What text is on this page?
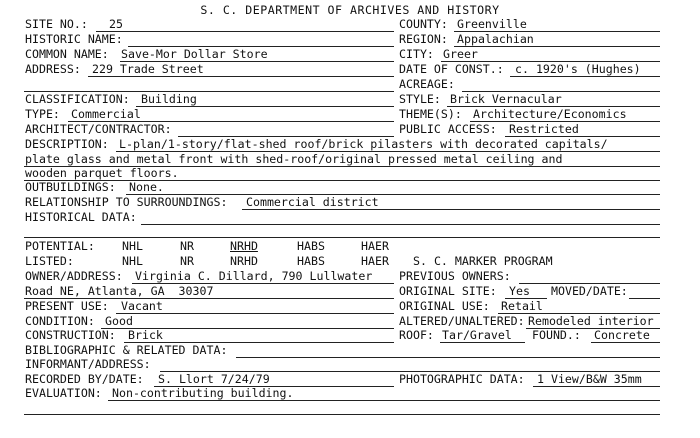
S. C. DEPARTMENT OF ARCHIVES AND HISTORY
SITE NO.: 25	COUNTY: Greenville
HISTORIC NAME:	REGION: Appalachian
COMMON NAME: Save-Mor Dollar Store	CITY: Greer
ADDRESS: 229 Trade Street	DATE OF CONST.: c. 1920's (Hughes)
ACREAGE:
CLASSIFICATION: Building	STYLE: Brick Vernacular
TYPE: Commercial	THEME(S): Architecture/Economics
ARCHITECT/CONTRACTOR:	PUBLIC ACCESS: Restricted
DESCRIPTION: L-plan/1-story/flat-shed roof/brick pilasters with decorated capitals/
plate glass and metal front with shed-roof/original pressed metal ceiling and
wooden parquet floors.
OUTBUILDINGS: None.
RELATIONSHIP TO SURROUNDINGS: Commercial district
HISTORICAL DATA:
POTENTIAL: NHL	NR	NRHD	HABS	HAER
LISTED:	NHL	NR	NRHD	HABS	HAER S. C. MARKER PROGRAM
OWNER/ADDRESS: Virginia C. Dillard, 790 Lullwater PREVIOUS OWNERS:
Road NE, Atlanta, GA  30307	ORIGINAL SITE: Yes MOVED/DATE:
PRESENT USE: Vacant	ORIGINAL USE: Retail
CONDITION: Good	ALTERED/UNALTERED: Remodeled interior
CONSTRUCTION: Brick	ROOF: Tar/Gravel FOUND.: Concrete
BIBLIOGRAPHIC & RELATED DATA:
INFORMANT/ADDRESS:
RECORDED BY/DATE: S. Llort 7/24/79	PHOTOGRAPHIC DATA: 1 View/B&W 35mm
EVALUATION: Non-contributing building.
